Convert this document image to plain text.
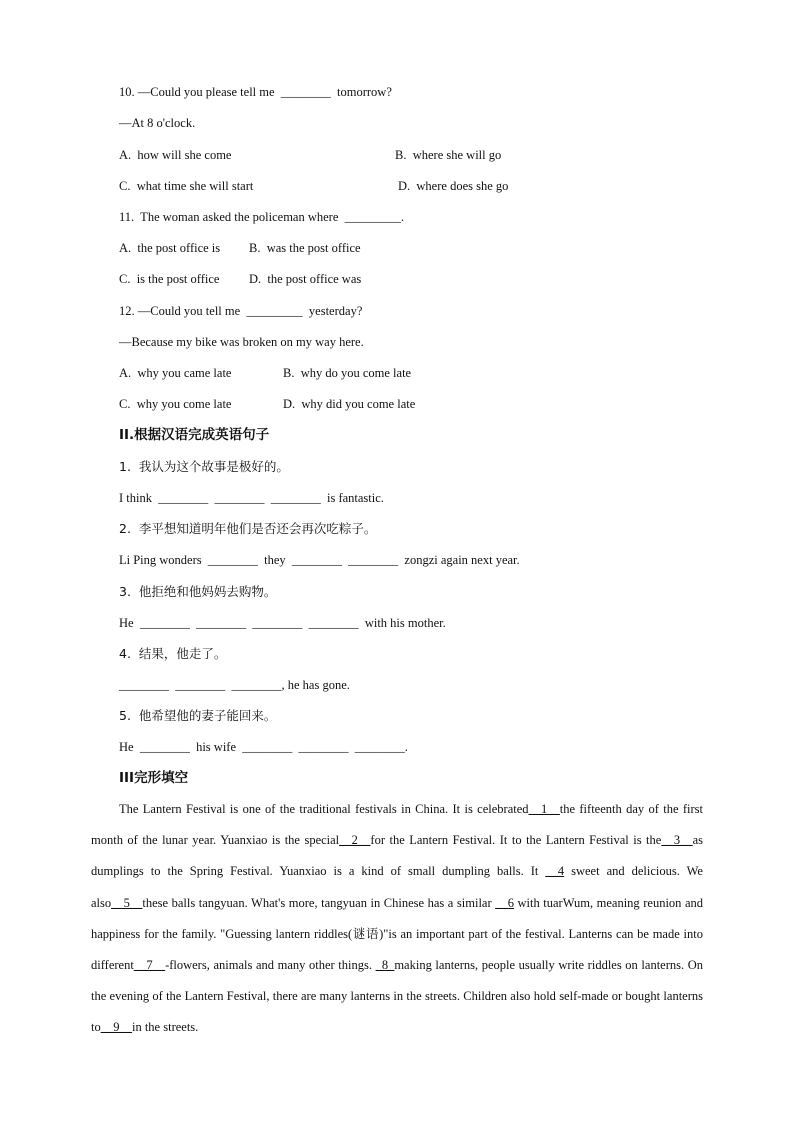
10. —Could you please tell me  ________  tomorrow?
—At 8 o'clock.
A.  how will she come	B.  where she will go
C.  what time she will start	D.  where does she go
11.  The woman asked the policeman where  _________.
A.  the post office is B.  was the post office
C.  is the post office D.  the post office was
12. —Could you tell me  _________  yesterday?
—Because my bike was broken on my way here.
A.  why you came late	B.  why do you come late
C.  why you come late	D.  why did you come late
II.根据汉语完成英语句子
1.  我认为这个故事是极好的。
I think  ________  ________  ________  is fantastic.
2.  李平想知道明年他们是否还会再次吃粽子。
Li Ping wonders  ________  they  ________  ________  zongzi again next year.
3.  他拒绝和他妈妈去购物。
He  ________  ________  ________  ________  with his mother.
4.  结果，他走了。
________  ________  ________, he has gone.
5.  他希望他的妻子能回来。
He  ________  his wife  ________  ________  ________.
III完形填空
The Lantern Festival is one of the traditional festivals in China. It is celebrated__1__the fifteenth day of the first month of the lunar year. Yuanxiao is the special__2__for the Lantern Festival. It to the Lantern Festival is the__3__as dumplings to the Spring Festival. Yuanxiao is a kind of small dumpling balls. It __4 sweet and delicious. We also__5__these balls tangyuan. What's more, tangyuan in Chinese has a similar __6 with tuarWum, meaning reunion and happiness for the family. "Guessing lantern riddles(谜语)"is an important part of the festival. Lanterns can be made into different__7__-flowers, animals and many other things. _8_making lanterns, people usually write riddles on lanterns. On the evening of the Lantern Festival, there are many lanterns in the streets. Children also hold self-made or bought lanterns to__9__in the streets.
